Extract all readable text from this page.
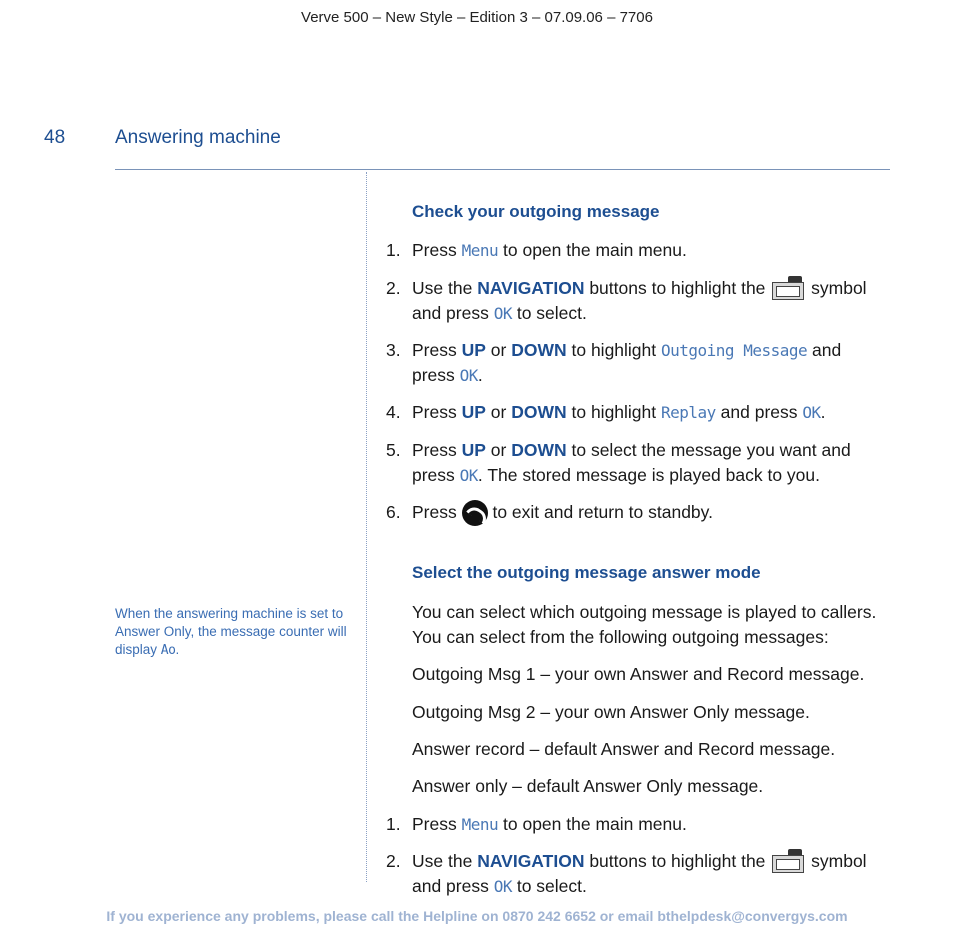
Verve 500 – New Style – Edition 3 – 07.09.06 – 7706
48	Answering machine
When the answering machine is set to Answer Only, the message counter will display Ao.
Check your outgoing message
1. Press Menu to open the main menu.
2. Use the NAVIGATION buttons to highlight the
symbol and press OK to select.
3. Press UP or DOWN to highlight Outgoing Message and press OK.
4. Press UP or DOWN to highlight Replay and press OK.
5. Press UP or DOWN to select the message you want and press OK. The stored message is played back to you.
6. Press  to exit and return to standby.
Select the outgoing message answer mode
You can select which outgoing message is played to callers. You can select from the following outgoing messages:
Outgoing Msg 1 – your own Answer and Record message.
Outgoing Msg 2 – your own Answer Only message.
Answer record – default Answer and Record message.
Answer only – default Answer Only message.
1. Press Menu to open the main menu.
2. Use the NAVIGATION buttons to highlight the
symbol and press OK to select.
If you experience any problems, please call the Helpline on 0870 242 6652 or email bthelpdesk@convergys.com
